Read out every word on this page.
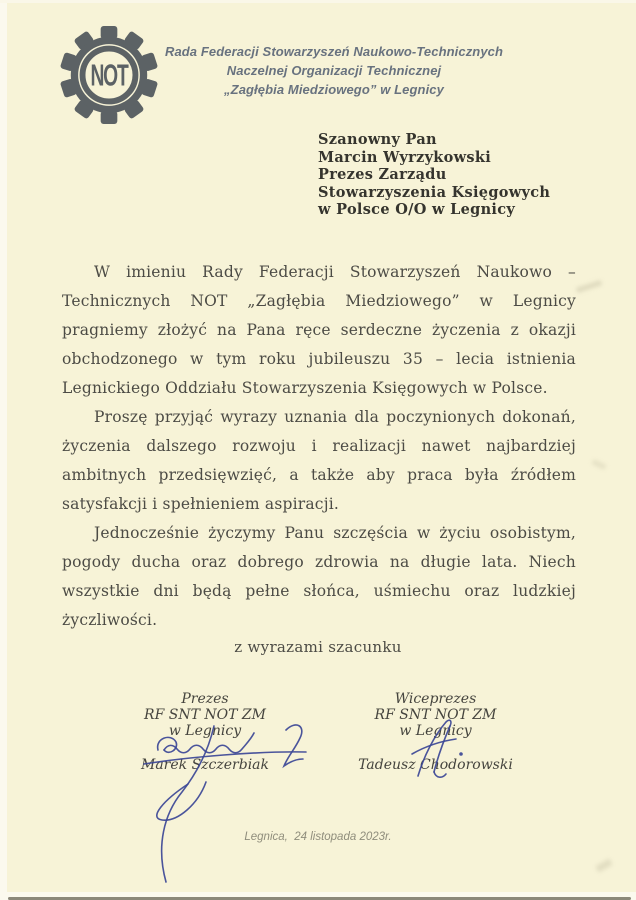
NOT
Rada Federacji Stowarzyszeń Naukowo-Technicznych
Naczelnej Organizacji Technicznej
„Zagłębia Miedziowego” w Legnicy
Szanowny Pan
Marcin Wyrzykowski
Prezes Zarządu
Stowarzyszenia Księgowych
w Polsce O/O w Legnicy

W imieniu Rady Federacji Stowarzyszeń Naukowo – Technicznych NOT „Zagłębia Miedziowego” w Legnicy pragniemy złożyć na Pana ręce serdeczne życzenia z okazji obchodzonego w tym roku jubileuszu 35 – lecia istnienia Legnickiego Oddziału Stowarzyszenia Księgowych w Polsce.

Proszę przyjąć wyrazy uznania dla poczynionych dokonań, życzenia dalszego rozwoju i realizacji nawet najbardziej ambitnych przedsięwzięć, a także aby praca była źródłem satysfakcji i spełnieniem aspiracji.

Jednocześnie życzymy Panu szczęścia w życiu osobistym, pogody ducha oraz dobrego zdrowia na długie lata. Niech wszystkie dni będą pełne słońca, uśmiechu oraz ludzkiej życzliwości.

z wyrazami szacunku
Prezes
RF SNT NOT ZM
w Legnicy
Marek Szczerbiak
Wiceprezes
RF SNT NOT ZM
w Legnicy
Tadeusz Chodorowski
Legnica,  24 listopada 2023r.
